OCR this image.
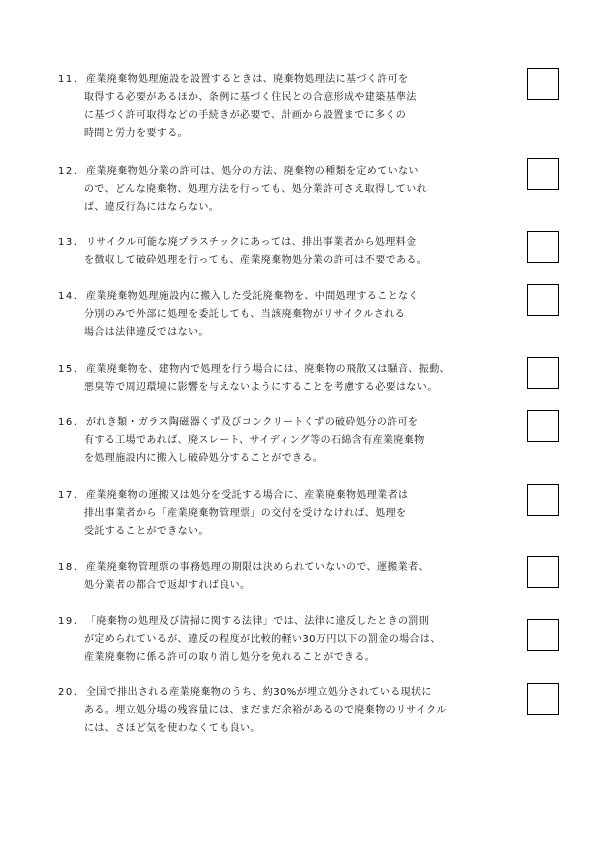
11. 産業廃棄物処理施設を設置するときは、廃棄物処理法に基づく許可を
取得する必要があるほか、条例に基づく住民との合意形成や建築基準法
に基づく許可取得などの手続きが必要で、計画から設置までに多くの
時間と労力を要する。
12. 産業廃棄物処分業の許可は、処分の方法、廃棄物の種類を定めていない
ので、どんな廃棄物、処理方法を行っても、処分業許可さえ取得していれ
ば、違反行為にはならない。
13. リサイクル可能な廃プラスチックにあっては、排出事業者から処理料金
を徴収して破砕処理を行っても、産業廃棄物処分業の許可は不要である。
14. 産業廃棄物処理施設内に搬入した受託廃棄物を、中間処理することなく
分別のみで外部に処理を委託しても、当該廃棄物がリサイクルされる
場合は法律違反ではない。
15. 産業廃棄物を、建物内で処理を行う場合には、廃棄物の飛散又は騒音、振動、
悪臭等で周辺環境に影響を与えないようにすることを考慮する必要はない。
16. がれき類・ガラス陶磁器くず及びコンクリートくずの破砕処分の許可を
有する工場であれば、廃スレート、サイディング等の石綿含有産業廃棄物
を処理施設内に搬入し破砕処分することができる。
17. 産業廃棄物の運搬又は処分を受託する場合に、産業廃棄物処理業者は
排出事業者から「産業廃棄物管理票」の交付を受けなければ、処理を
受託することができない。
18. 産業廃棄物管理票の事務処理の期限は決められていないので、運搬業者、
処分業者の都合で返却すれば良い。
19. 「廃棄物の処理及び清掃に関する法律」では、法律に違反したときの罰則
が定められているが、違反の程度が比較的軽い30万円以下の罰金の場合は、
産業廃棄物に係る許可の取り消し処分を免れることができる。
20. 全国で排出される産業廃棄物のうち、約30%が埋立処分されている現状に
ある。埋立処分場の残容量には、まだまだ余裕があるので廃棄物のリサイクル
には、さほど気を使わなくても良い。
